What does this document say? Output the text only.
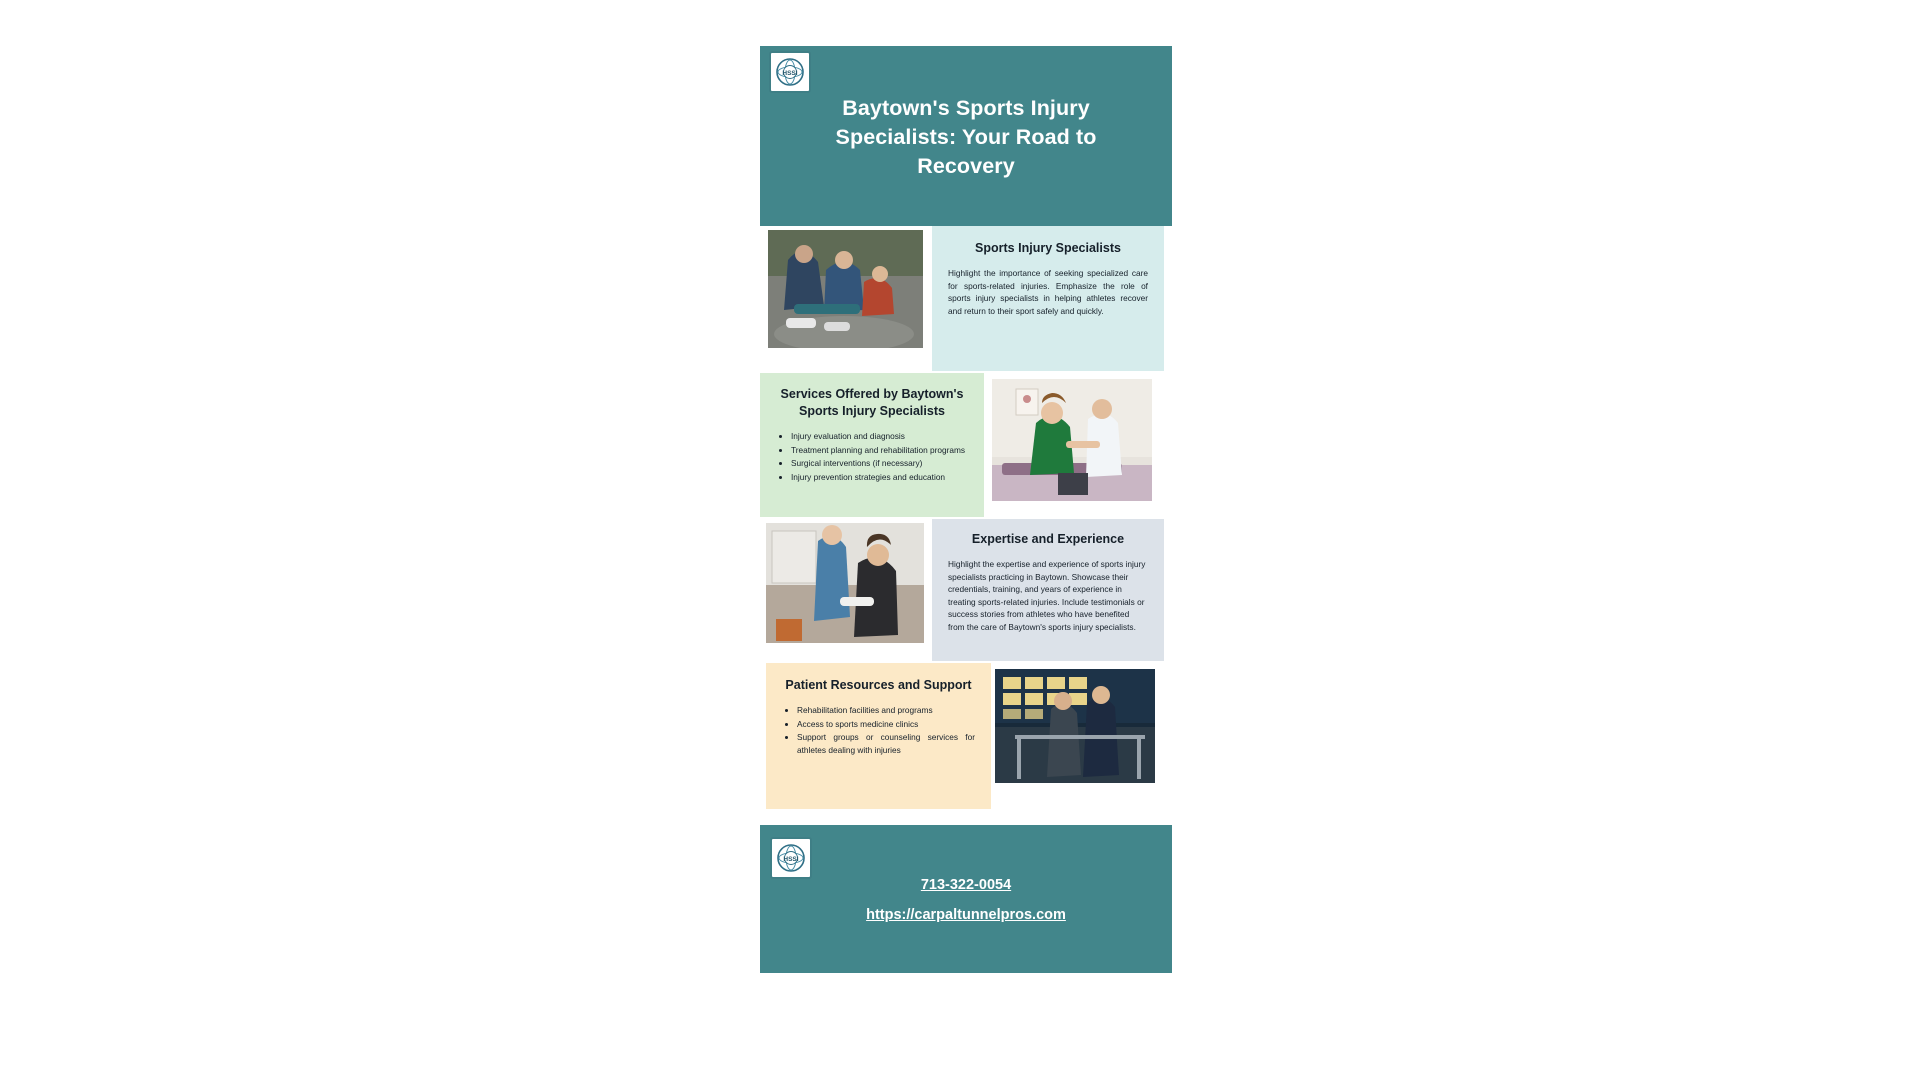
HSSI
Baytown's Sports Injury Specialists: Your Road to Recovery
Sports Injury Specialists

Highlight the importance of seeking specialized care for sports-related injuries. Emphasize the role of sports injury specialists in helping athletes recover and return to their sport safely and quickly.

Services Offered by Baytown's Sports Injury Specialists
• Injury evaluation and diagnosis
• Treatment planning and rehabilitation programs
• Surgical interventions (if necessary)
• Injury prevention strategies and education
Expertise and Experience

Highlight the expertise and experience of sports injury specialists practicing in Baytown. Showcase their credentials, training, and years of experience in treating sports-related injuries. Include testimonials or success stories from athletes who have benefited from the care of Baytown's sports injury specialists.

Patient Resources and Support
• Rehabilitation facilities and programs
• Access to sports medicine clinics
• Support groups or counseling services for athletes dealing with injuries
HSSI
713-322-0054
https://carpaltunnelpros.com
